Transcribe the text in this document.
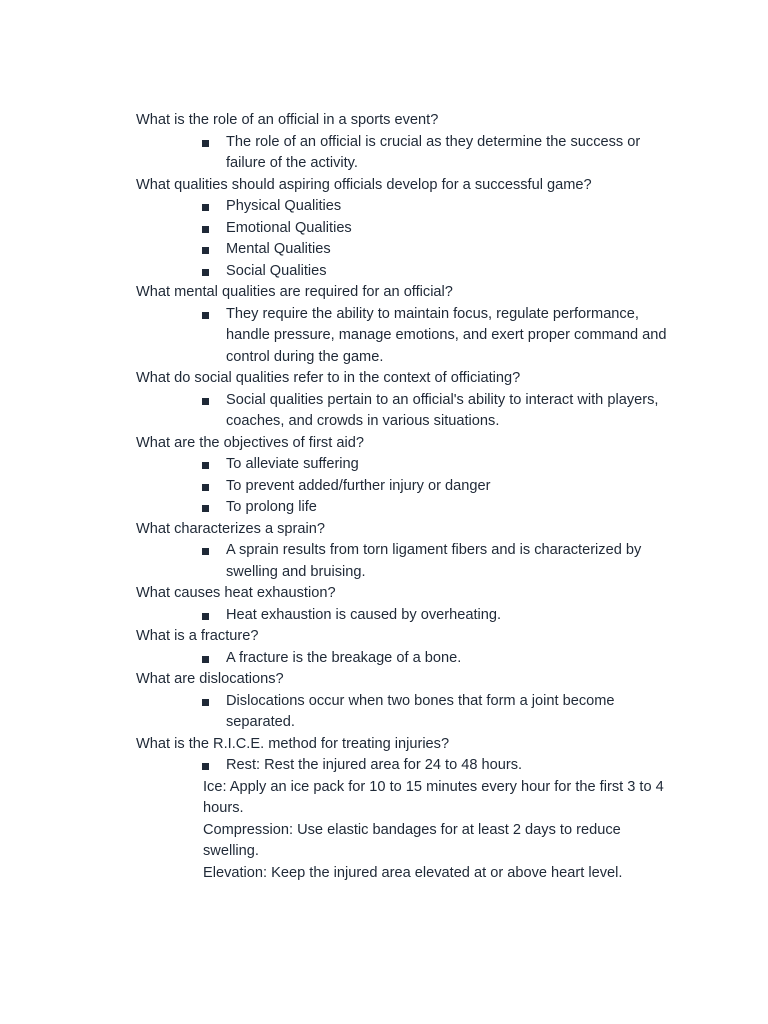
What is the role of an official in a sports event?
The role of an official is crucial as they determine the success or failure of the activity.
What qualities should aspiring officials develop for a successful game?
Physical Qualities
Emotional Qualities
Mental Qualities
Social Qualities
What mental qualities are required for an official?
They require the ability to maintain focus, regulate performance, handle pressure, manage emotions, and exert proper command and control during the game.
What do social qualities refer to in the context of officiating?
Social qualities pertain to an official's ability to interact with players, coaches, and crowds in various situations.
What are the objectives of first aid?
To alleviate suffering
To prevent added/further injury or danger
To prolong life
What characterizes a sprain?
A sprain results from torn ligament fibers and is characterized by swelling and bruising.
What causes heat exhaustion?
Heat exhaustion is caused by overheating.
What is a fracture?
A fracture is the breakage of a bone.
What are dislocations?
Dislocations occur when two bones that form a joint become separated.
What is the R.I.C.E. method for treating injuries?
Rest: Rest the injured area for 24 to 48 hours.
Ice: Apply an ice pack for 10 to 15 minutes every hour for the first 3 to 4 hours.
Compression: Use elastic bandages for at least 2 days to reduce swelling.
Elevation: Keep the injured area elevated at or above heart level.
